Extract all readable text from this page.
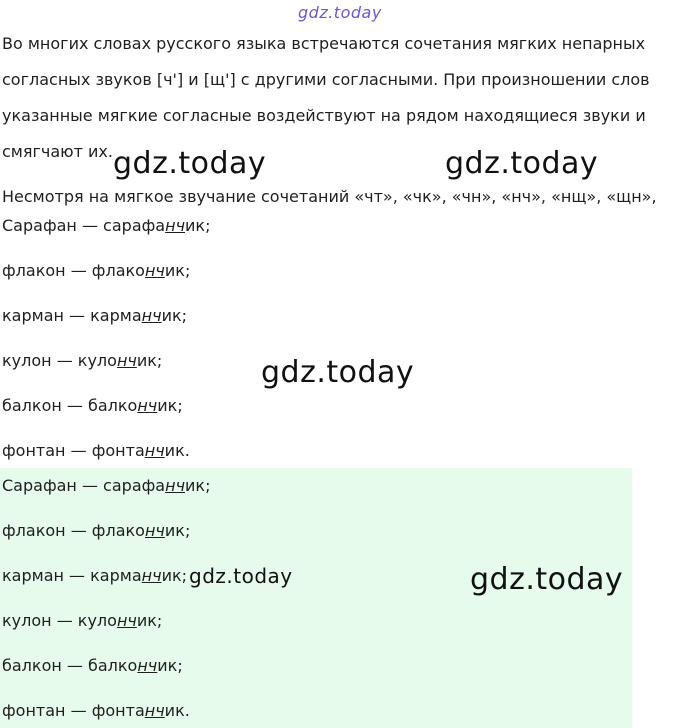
gdz.today
Во многих словах русского языка встречаются сочетания мягких непарных
согласных звуков [ч'] и [щ'] с другими согласными. При произношении слов
указанные мягкие согласные воздействуют на рядом находящиеся звуки и
смягчают их.
Несмотря на мягкое звучание сочетаний «чт», «чк», «чн», «нч», «нщ», «щн»,
Сарафан — сарафанчик;
флакон — флакончик;
карман — карманчик;
кулон — кулончик;
балкон — балкончик;
фонтан — фонтанчик.
Сарафан — сарафанчик;
флакон — флакончик;
карман — карманчик;
кулон — кулончик;
балкон — балкончик;
фонтан — фонтанчик.
gdz.today	gdz.today
gdz.today
gdz.today	gdz.today
